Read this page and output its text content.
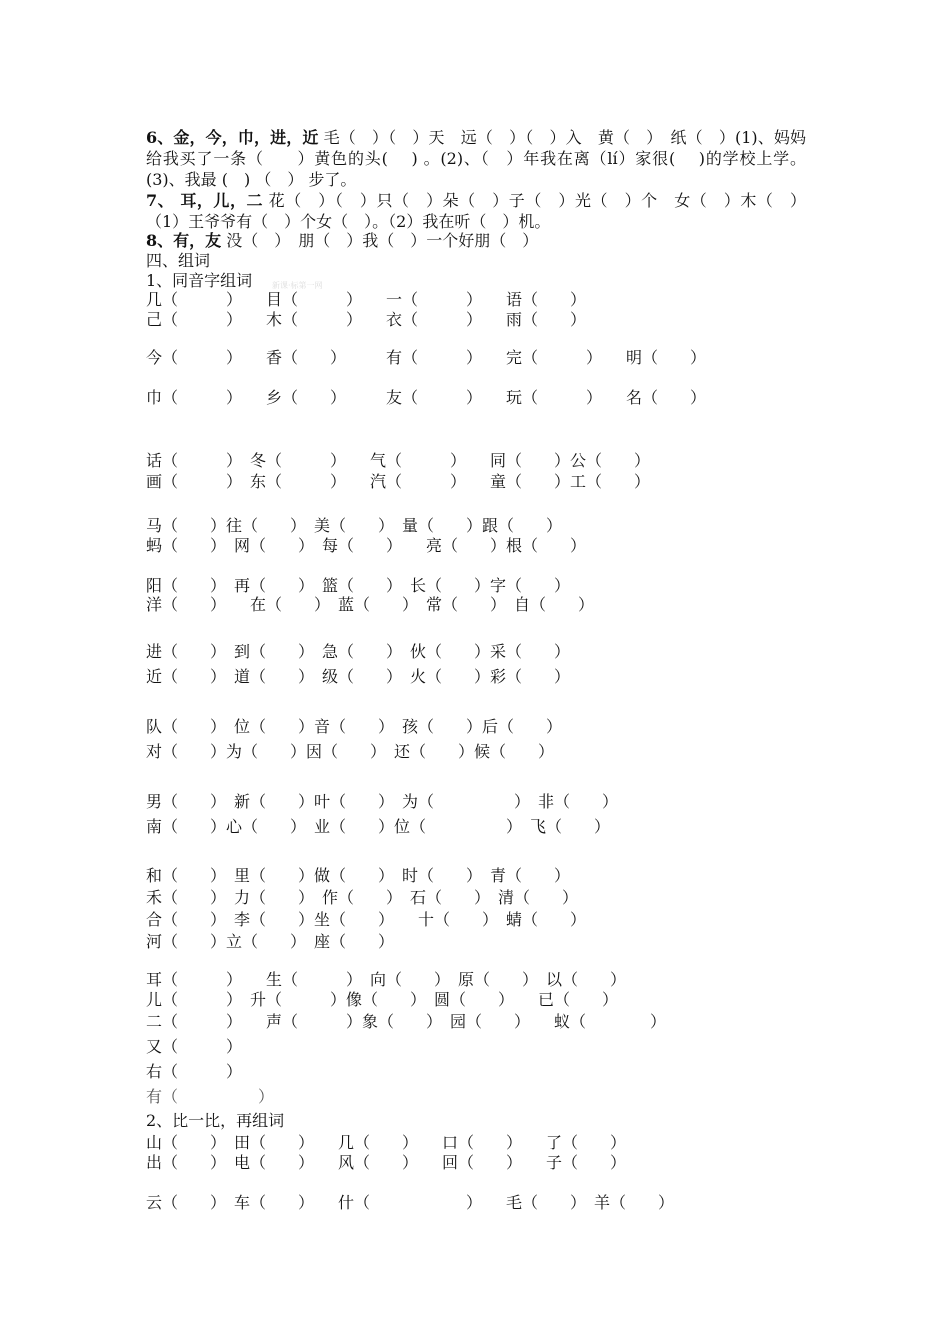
6、金，今，巾，进，近 毛（　）（　）天　远（　）（　）入　黄（　）　纸（　）(1)、妈妈给我买了一条（　　）黄色的头(　 ) 。(2)、（　）年我在离（lí）家很(　 )的学校上学。(3)、我最 (　) （　） 步了。
7、 耳，儿，二 花（　）（　）只（　）朵（　）子（　）光（　）个　女（　）木（　）（1）王爷爷有（　）个女（　）。（2）我在听（　）机。
8、有，友 没（　）　朋（　）我（　）一个好朋（　）
四、组词
1、同音字组词	新课·标第一网
几（　　　）　　目（　　　）　　一（　　　）　　语（　　）
己（　　　）　　木（　　　）　　衣（　　　）　　雨（　　）
今（　　　）　　香（　　）　　　有（　　　）　　完（　　　）　　明（　　）
巾（　　　）　　乡（　　）　　　友（　　　）　　玩（　　　）　　名（　　）
话（　　　）　冬（　　　）　　气（　　　）　　同（　　）公（　　）
画（　　　）　东（　　　）　　汽（　　　）　　童（　　）工（　　）
马（　　）往（　　）　美（　　）　量（　　）跟（　　）
蚂（　　）　网（　　）　每（　　）　　亮（　　）根（　　）
阳（　　）　再（　　）　篮（　　）　长（　　）字（　　）
洋（　　）　　在（　　）　蓝（　　）　常（　　）　自（　　）
进（　　）　到（　　）　急（　　）　伙（　　）采（　　）
近（　　）　道（　　）　级（　　）　火（　　）彩（　　）
队（　　）　位（　　）音（　　）　孩（　　）后（　　）
对（　　）为（　　）因（　　）　还（　　）候（　　）
男（　　）　新（　　）叶（　　）　为（　　　　　）　非（　　）
南（　　）心（　　）　业（　　）位（　　　　　）　飞（　　）
和（　　）　里（　　）做（　　）　时（　　）　青（　　）
禾（　　）　力（　　）　作（　　）　石（　　）　清（　　）
合（　　）　李（　　）坐（　　）　　十（　　）　蜻（　　）
河（　　）立（　　）　座（　　）
耳（　　　）　　生（　　　）　向（　　）　原（　　）　以（　　）
儿（　　　）　升（　　　）像（　　）　圆（　　）　　已（　　）
二（　　　）　　声（　　　）象（　　）　园（　　）　　蚁（　　　　）
又（　　　）
右（　　　）
有（　　　　　）
2、比一比，再组词
山（　　）　田（　　）　　几（　　）　　口（　　）　　了（　　）
出（　　）　电（　　）　　风（　　）　　回（　　）　　子（　　）
云（　　）　车（　　）　　什（　　　　　　）　　毛（　　）　羊（　　）
